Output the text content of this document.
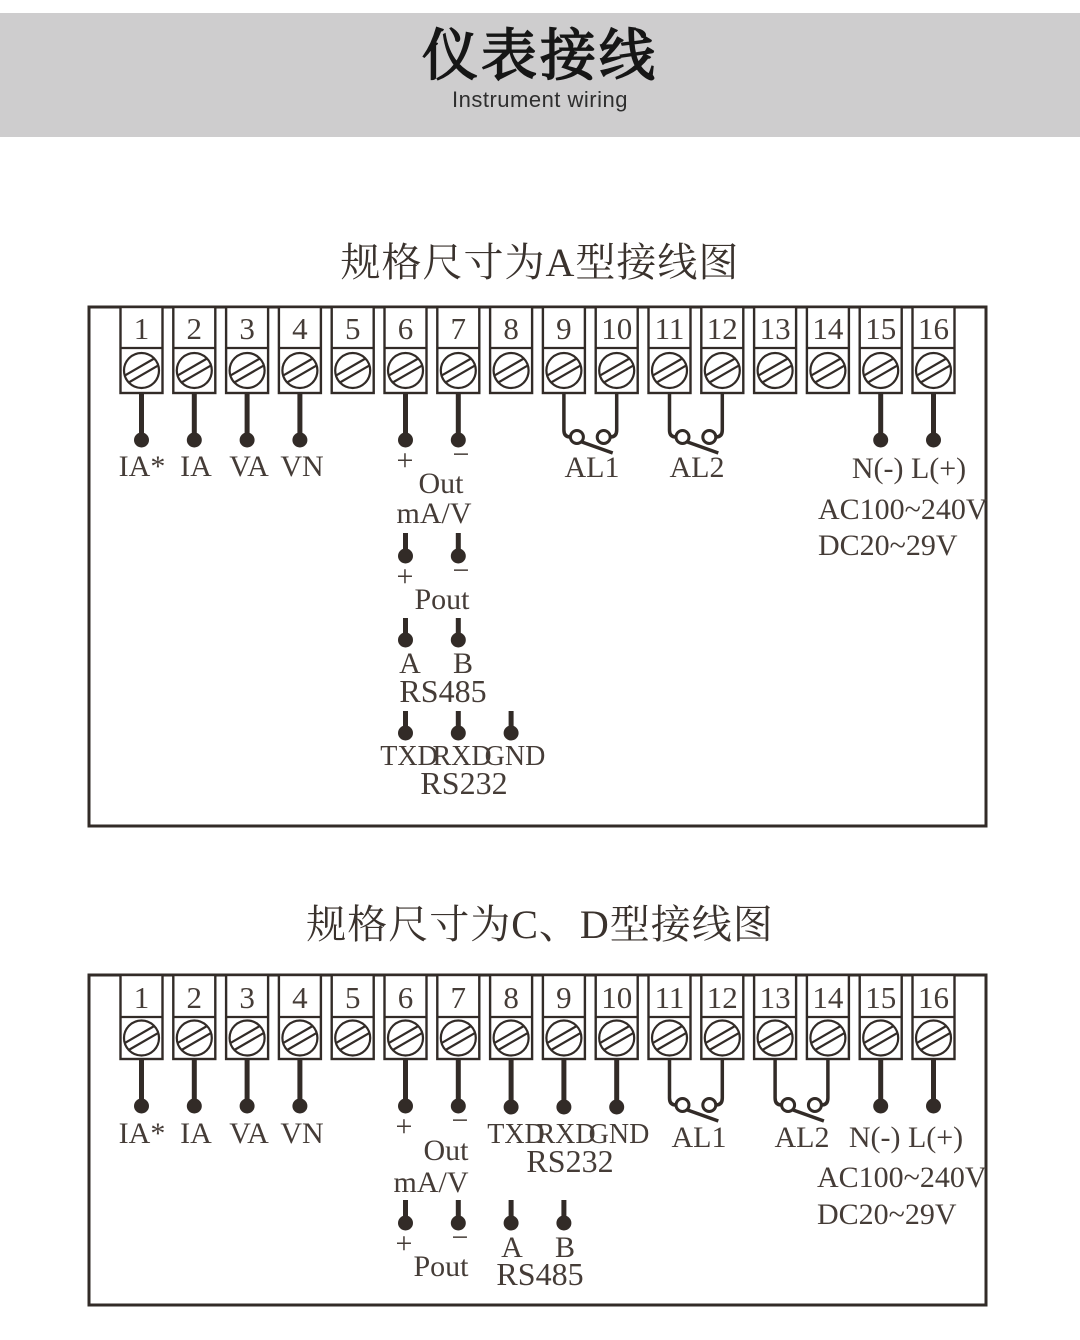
仪表接线
Instrument wiring
规格尺寸为A型接线图
1 2 3 4 5 6 7 8 9 10 11 12 13 14 15 16
IA* IA VA VN + −
Out
mA/V
AL1 AL2	N(-) L(+)
AC100~240V
DC20~29V
+ −
Pout
A B
RS485
TXD
RXD
GND
RS232
规格尺寸为C、D型接线图
1 2 3 4 5 6 7 8 9 10 11 12 13 14 15 16
IA* IA VA VN + −
Out
mA/V
TXD
RXD
GND
RS232
AL1 AL2 N(-) L(+)
AC100~240V
DC20~29V
+ −
Pout
A B
RS485
